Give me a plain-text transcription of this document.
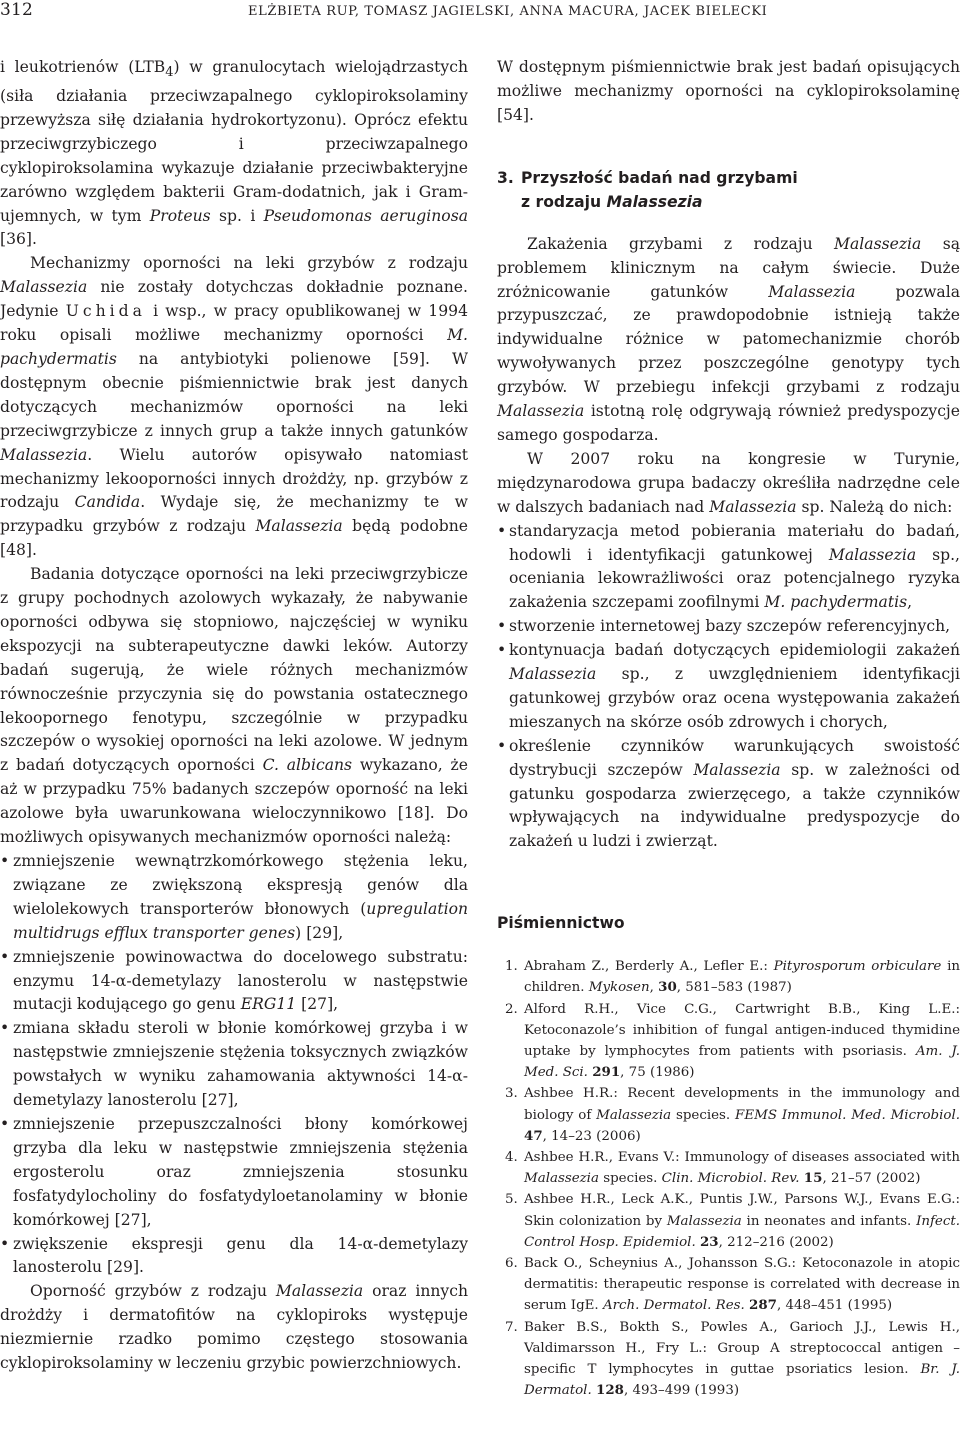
312	ELŻBIETA RUP, TOMASZ JAGIELSKI, ANNA MACURA, JACEK BIELECKI

i leukotrienów $(LTB_4)$ w granulocytach wielojądrzastych (siła działania przeciwzapalnego cyklopiroksolaminy przewyższa siłę działania hydrokortyzonu). Oprócz efektu przeciwgrzybiczego i przeciwzapalnego cyklopiroksolamina wykazuje działanie przeciwbakteryjne zarówno względem bakterii Gram-dodatnich, jak i Gram-ujemnych, w tym Proteus sp. i Pseudomonas aeruginosa [36].

Mechanizmy oporności na leki grzybów z rodzaju Malassezia nie zostały dotychczas dokładnie poznane. Jedynie Uchida i wsp., w pracy opublikowanej w 1994 roku opisali możliwe mechanizmy oporności M. pachydermatis na antybiotyki polienowe [59]. W dostępnym obecnie piśmiennictwie brak jest danych dotyczących mechanizmów oporności na leki przeciwgrzybicze z innych grup a także innych gatunków Malassezia. Wielu autorów opisywało natomiast mechanizmy lekooporności innych drożdży, np. grzybów z rodzaju Candida. Wydaje się, że mechanizmy te w przypadku grzybów z rodzaju Malassezia będą podobne [48].

Badania dotyczące oporności na leki przeciwgrzybicze z grupy pochodnych azolowych wykazały, że nabywanie oporności odbywa się stopniowo, najczęściej w wyniku ekspozycji na subterapeutyczne dawki leków. Autorzy badań sugerują, że wiele różnych mechanizmów równocześnie przyczynia się do powstania ostatecznego lekoopornego fenotypu, szczególnie w przypadku szczepów o wysokiej oporności na leki azolowe. W jednym z badań dotyczących oporności C. albicans wykazano, że aż w przypadku 75% badanych szczepów oporność na leki azolowe była uwarunkowana wieloczynnikowo [18]. Do możliwych opisywanych mechanizmów oporności należą:

• zmniejszenie wewnątrzkomórkowego stężenia leku, związane ze zwiększoną ekspresją genów dla wielolekowych transporterów błonowych (upregulation multidrugs efflux transporter genes) [29],
• zmniejszenie powinowactwa do docelowego substratu: enzymu 14-α-demetylazy lanosterolu w następstwie mutacji kodującego go genu ERG11 [27],
• zmiana składu steroli w błonie komórkowej grzyba i w następstwie zmniejszenie stężenia toksycznych związków powstałych w wyniku zahamowania aktywności 14-α-demetylazy lanosterolu [27],
• zmniejszenie przepuszczalności błony komórkowej grzyba dla leku w następstwie zmniejszenia stężenia ergosterolu oraz zmniejszenia stosunku fosfatydylocholiny do fosfatydyloetanolaminy w błonie komórkowej [27],
• zwiększenie ekspresji genu dla 14-α-demetylazy lanosterolu [29].

Oporność grzybów z rodzaju Malassezia oraz innych drożdży i dermatofitów na cyklopiroks występuje niezmiernie rzadko pomimo częstego stosowania cyklopiroksolaminy w leczeniu grzybic powierzchniowych.

W dostępnym piśmiennictwie brak jest badań opisujących możliwe mechanizmy oporności na cyklopiroksolaminę [54].

3. Przyszłość badań nad grzybami
z rodzaju Malassezia

Zakażenia grzybami z rodzaju Malassezia są problemem klinicznym na całym świecie. Duże zróżnicowanie gatunków Malassezia pozwala przypuszczać, ze prawdopodobnie istnieją także indywidualne różnice w patomechanizmie chorób wywoływanych przez poszczególne genotypy tych grzybów. W przebiegu infekcji grzybami z rodzaju Malassezia istotną rolę odgrywają również predyspozycje samego gospodarza.

W 2007 roku na kongresie w Turynie, międzynarodowa grupa badaczy określiła nadrzędne cele w dalszych badaniach nad Malassezia sp. Należą do nich:

• standaryzacja metod pobierania materiału do badań, hodowli i identyfikacji gatunkowej Malassezia sp., oceniania lekowrażliwości oraz potencjalnego ryzyka zakażenia szczepami zoofilnymi M. pachydermatis,
• stworzenie internetowej bazy szczepów referencyjnych,
• kontynuacja badań dotyczących epidemiologii zakażeń Malassezia sp., z uwzględnieniem identyfikacji gatunkowej grzybów oraz ocena występowania zakażeń mieszanych na skórze osób zdrowych i chorych,
• określenie czynników warunkujących swoistość dystrybucji szczepów Malassezia sp. w zależności od gatunku gospodarza zwierzęcego, a także czynników wpływających na indywidualne predyspozycje do zakażeń u ludzi i zwierząt.
Piśmiennictwo
1. Abraham Z., Berderly A., Lefler E.: Pityrosporum orbiculare in children. Mykosen, 30, 581–583 (1987)
2. Alford R.H., Vice C.G., Cartwright B.B., King L.E.: Ketoconazole’s inhibition of fungal antigen-induced thymidine uptake by lymphocytes from patients with psoriasis. Am. J. Med. Sci. 291, 75 (1986)
3. Ashbee H.R.: Recent developments in the immunology and biology of Malassezia species. FEMS Immunol. Med. Microbiol. 47, 14–23 (2006)
4. Ashbee H.R., Evans V.: Immunology of diseases associated with Malassezia species. Clin. Microbiol. Rev. 15, 21–57 (2002)
5. Ashbee H.R., Leck A.K., Puntis J.W., Parsons W.J., Evans E.G.: Skin colonization by Malassezia in neonates and infants. Infect. Control Hosp. Epidemiol. 23, 212–216 (2002)
6. Back O., Scheynius A., Johansson S.G.: Ketoconazole in atopic dermatitis: therapeutic response is correlated with decrease in serum IgE. Arch. Dermatol. Res. 287, 448–451 (1995)
7. Baker B.S., Bokth S., Powles A., Garioch J.J., Lewis H., Valdimarsson H., Fry L.: Group A streptococcal antigen – specific T lymphocytes in guttae psoriatics lesion. Br. J. Dermatol. 128, 493–499 (1993)
